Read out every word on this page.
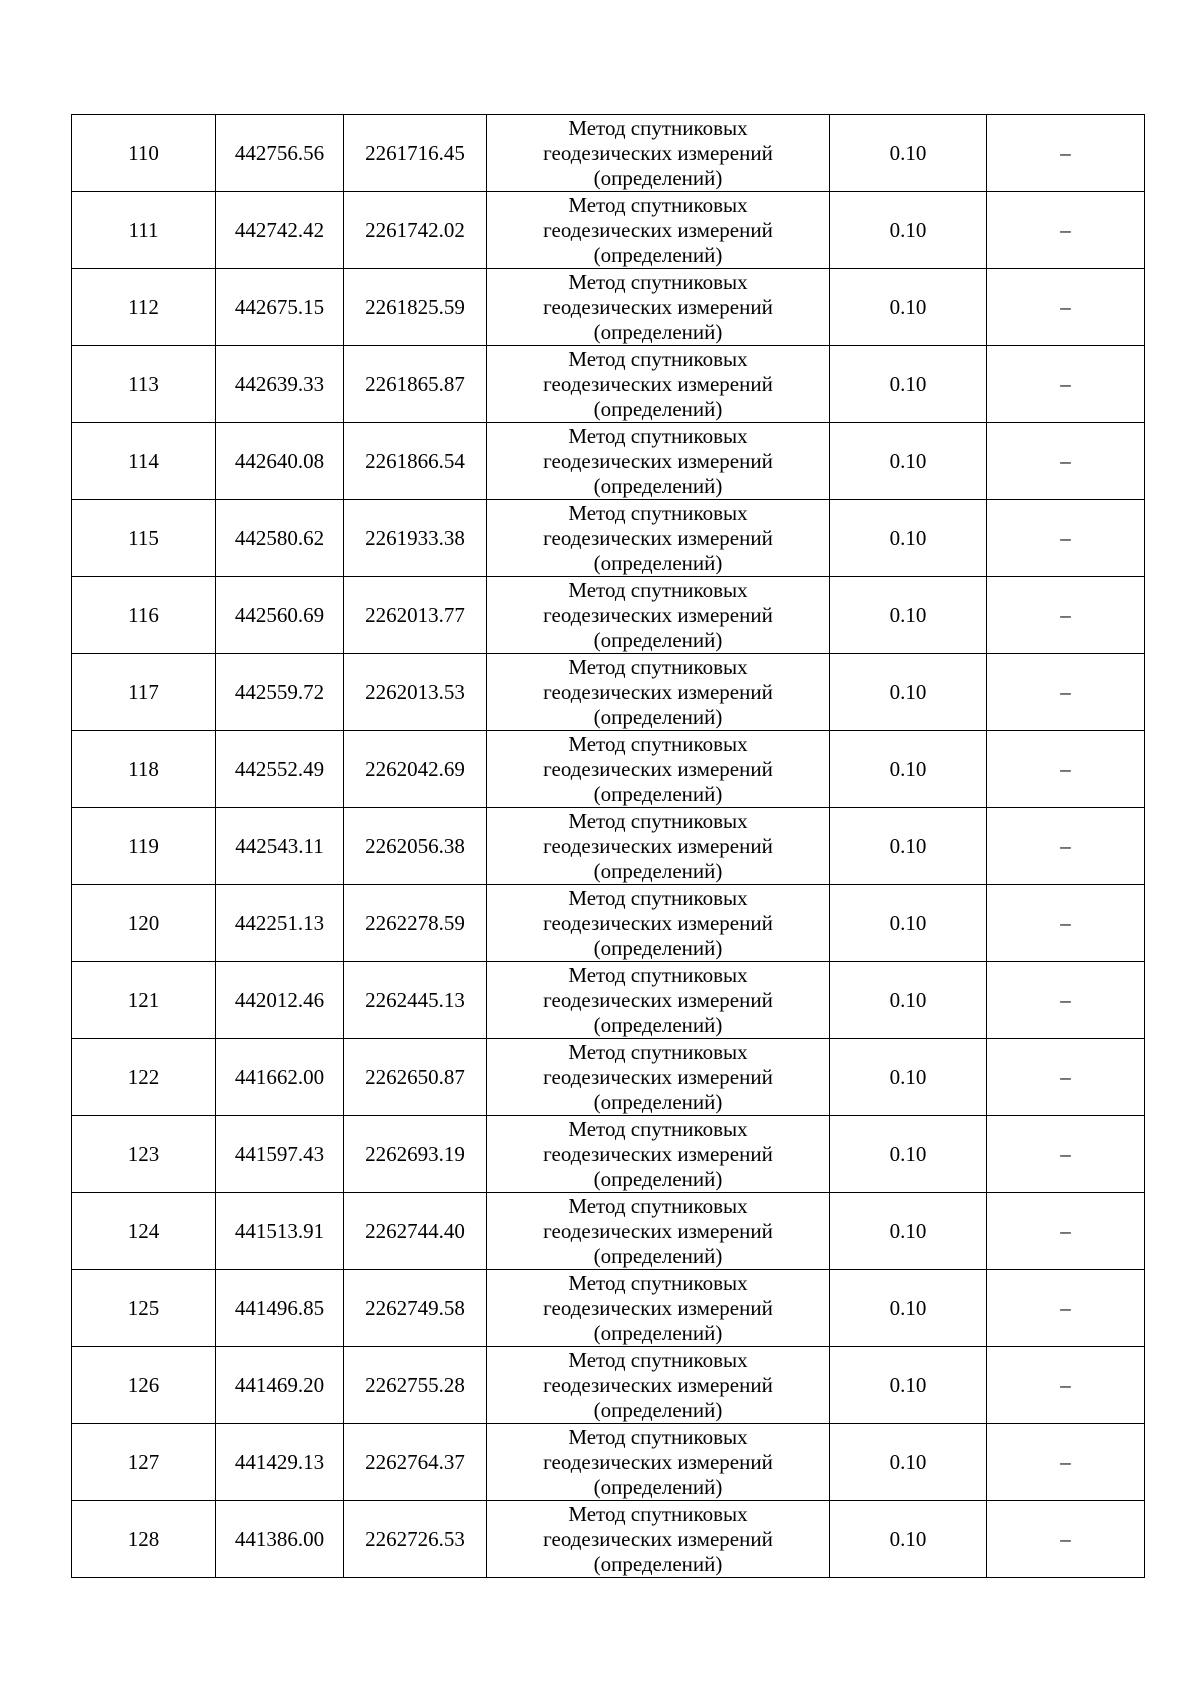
110	442756.56	2261716.45	Метод спутниковых
геодезических измерений
(определений)	0.10	–
111	442742.42	2261742.02	Метод спутниковых
геодезических измерений
(определений)	0.10	–
112	442675.15	2261825.59	Метод спутниковых
геодезических измерений
(определений)	0.10	–
113	442639.33	2261865.87	Метод спутниковых
геодезических измерений
(определений)	0.10	–
114	442640.08	2261866.54	Метод спутниковых
геодезических измерений
(определений)	0.10	–
115	442580.62	2261933.38	Метод спутниковых
геодезических измерений
(определений)	0.10	–
116	442560.69	2262013.77	Метод спутниковых
геодезических измерений
(определений)	0.10	–
117	442559.72	2262013.53	Метод спутниковых
геодезических измерений
(определений)	0.10	–
118	442552.49	2262042.69	Метод спутниковых
геодезических измерений
(определений)	0.10	–
119	442543.11	2262056.38	Метод спутниковых
геодезических измерений
(определений)	0.10	–
120	442251.13	2262278.59	Метод спутниковых
геодезических измерений
(определений)	0.10	–
121	442012.46	2262445.13	Метод спутниковых
геодезических измерений
(определений)	0.10	–
122	441662.00	2262650.87	Метод спутниковых
геодезических измерений
(определений)	0.10	–
123	441597.43	2262693.19	Метод спутниковых
геодезических измерений
(определений)	0.10	–
124	441513.91	2262744.40	Метод спутниковых
геодезических измерений
(определений)	0.10	–
125	441496.85	2262749.58	Метод спутниковых
геодезических измерений
(определений)	0.10	–
126	441469.20	2262755.28	Метод спутниковых
геодезических измерений
(определений)	0.10	–
127	441429.13	2262764.37	Метод спутниковых
геодезических измерений
(определений)	0.10	–
128	441386.00	2262726.53	Метод спутниковых
геодезических измерений
(определений)	0.10	–
